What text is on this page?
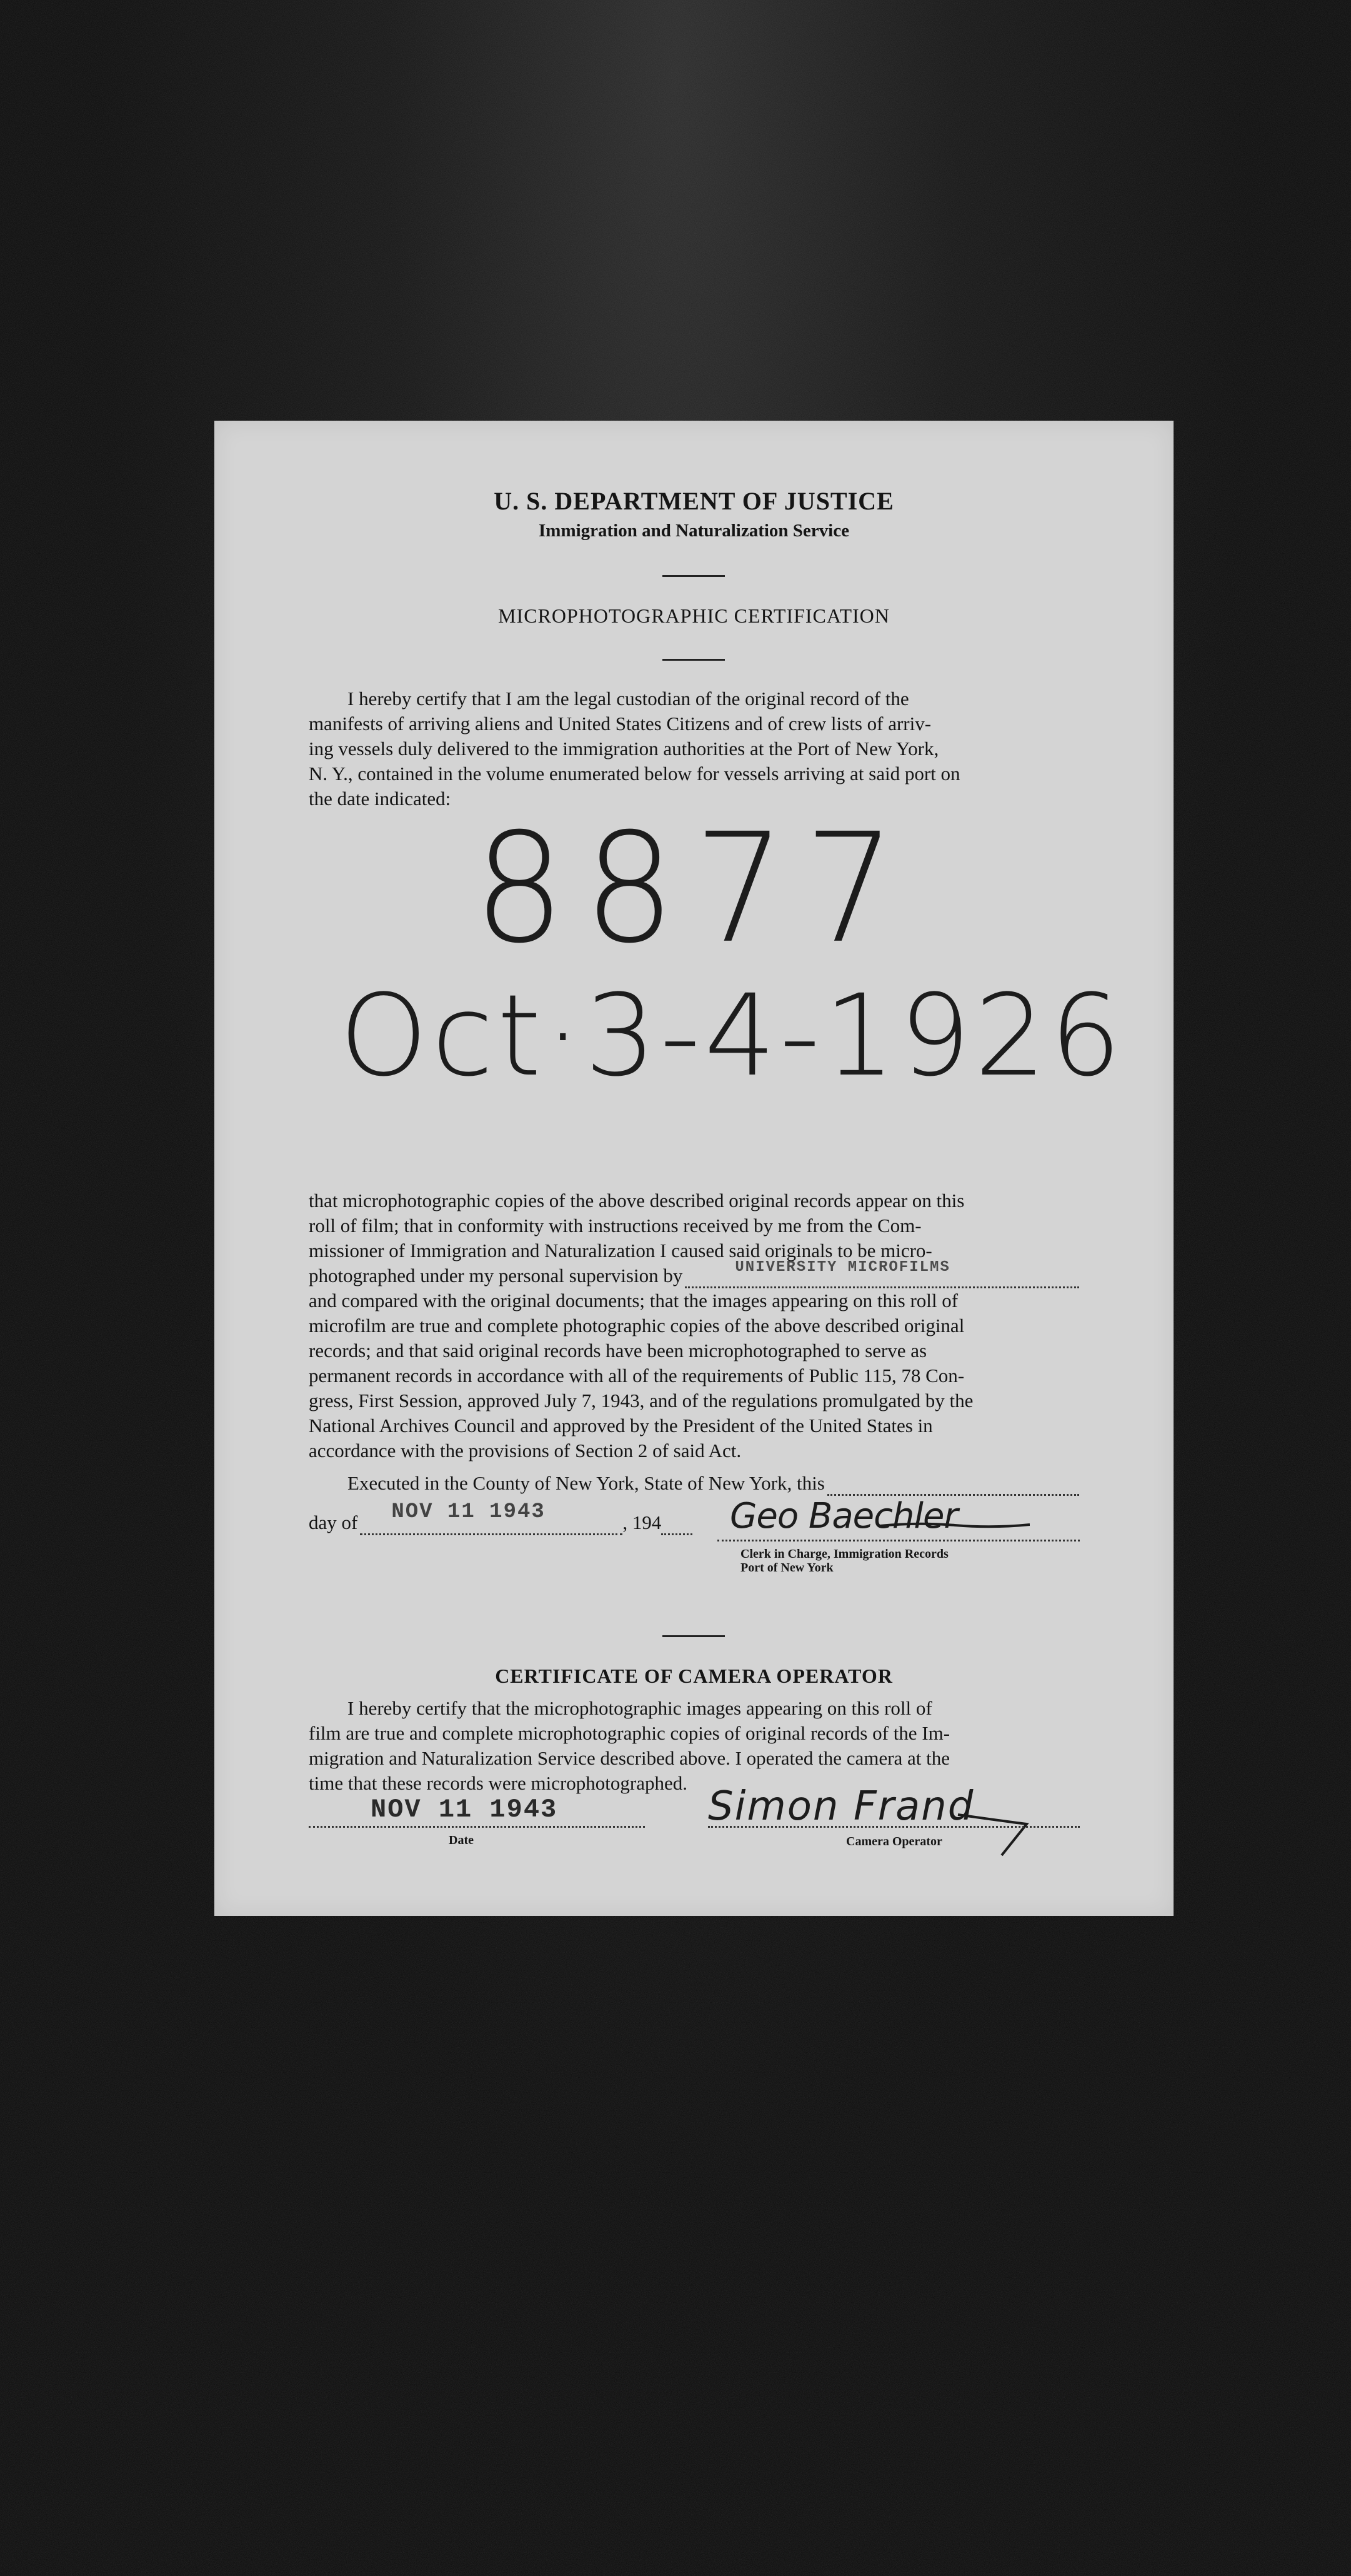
U. S. DEPARTMENT OF JUSTICE
Immigration and Naturalization Service
MICROPHOTOGRAPHIC CERTIFICATION

I hereby certify that I am the legal custodian of the original record of the

manifests of arriving aliens and United States Citizens and of crew lists of arriv-

ing vessels duly delivered to the immigration authorities at the Port of New York,

N. Y., contained in the volume enumerated below for vessels arriving at said port on

the date indicated:

8877
Oct·3-4-1926

that microphotographic copies of the above described original records appear on this

roll of film; that in conformity with instructions received by me from the Com-

missioner of Immigration and Naturalization I caused said originals to be micro-

photographed under my personal supervision by	UNIVERSITY MICROFILMS

and compared with the original documents; that the images appearing on this roll of

microfilm are true and complete photographic copies of the above described original

records; and that said original records have been microphotographed to serve as

permanent records in accordance with all of the requirements of Public 115, 78 Con-

gress, First Session, approved July 7, 1943, and of the regulations promulgated by the

National Archives Council and approved by the President of the United States in

accordance with the provisions of Section 2 of said Act.

Executed in the County of New York, State of New York, this
day of NOV 11 1943	, 194 Geo Baechler
Clerk in Charge, Immigration Records
Port of New York
CERTIFICATE OF CAMERA OPERATOR

I hereby certify that the microphotographic images appearing on this roll of

film are true and complete microphotographic copies of original records of the Im-

migration and Naturalization Service described above. I operated the camera at the

time that these records were microphotographed.

NOV 11 1943
Date
Simon Frand
Camera Operator
